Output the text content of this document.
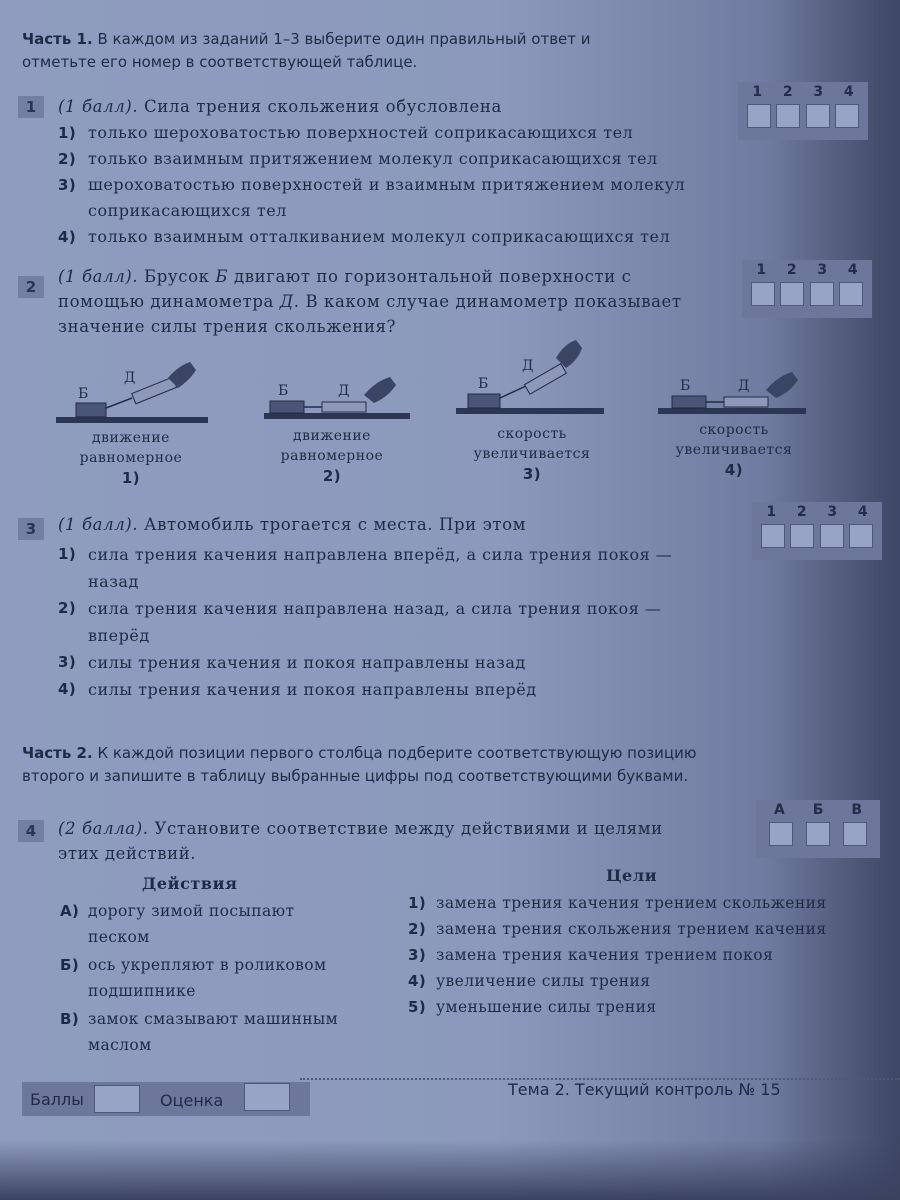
Часть 1. В каждом из заданий 1–3 выберите один правильный ответ и отметьте его номер в соответствующей таблице.
1	(1 балл). Сила трения скольжения обусловлена
1) только шероховатостью поверхностей соприкасающихся тел
2) только взаимным притяжением молекул соприкасающихся тел
3) шероховатостью поверхностей и взаимным притяжением молекул соприкасающихся тел
4) только взаимным отталкиванием молекул соприкасающихся тел
1 2 3 4
2
(1 балл). Брусок Б двигают по горизонтальной поверхности с помощью динамометра Д. В каком случае динамометр показывает значение силы трения скольжения?
1 2 3 4
Б
Д
Б	Д	Б
Д
Б	Д
движение равномерное
1)
движение равномерное
2)
скорость увеличивается
3)
скорость увеличивается
4)
3	(1 балл). Автомобиль трогается с места. При этом
1) сила трения качения направлена вперёд, а сила трения покоя — назад
2) сила трения качения направлена назад, а сила трения покоя — вперёд
3) силы трения качения и покоя направлены назад
4) силы трения качения и покоя направлены вперёд
1 2 3 4
Часть 2. К каждой позиции первого столбца подберите соответствующую позицию второго и запишите в таблицу выбранные цифры под соответствующими буквами.
4	(2 балла). Установите соответствие между действиями и целями этих действий.
А Б В
Действия	Цели
А) дорогу зимой посыпают песком
Б) ось укрепляют в роликовом подшипнике
В) замок смазывают машинным маслом
1) замена трения качения трением скольжения
2) замена трения скольжения трением качения
3) замена трения качения трением покоя
4) увеличение силы трения
5) уменьшение силы трения
Баллы	Оценка
Тема 2. Текущий контроль № 15
